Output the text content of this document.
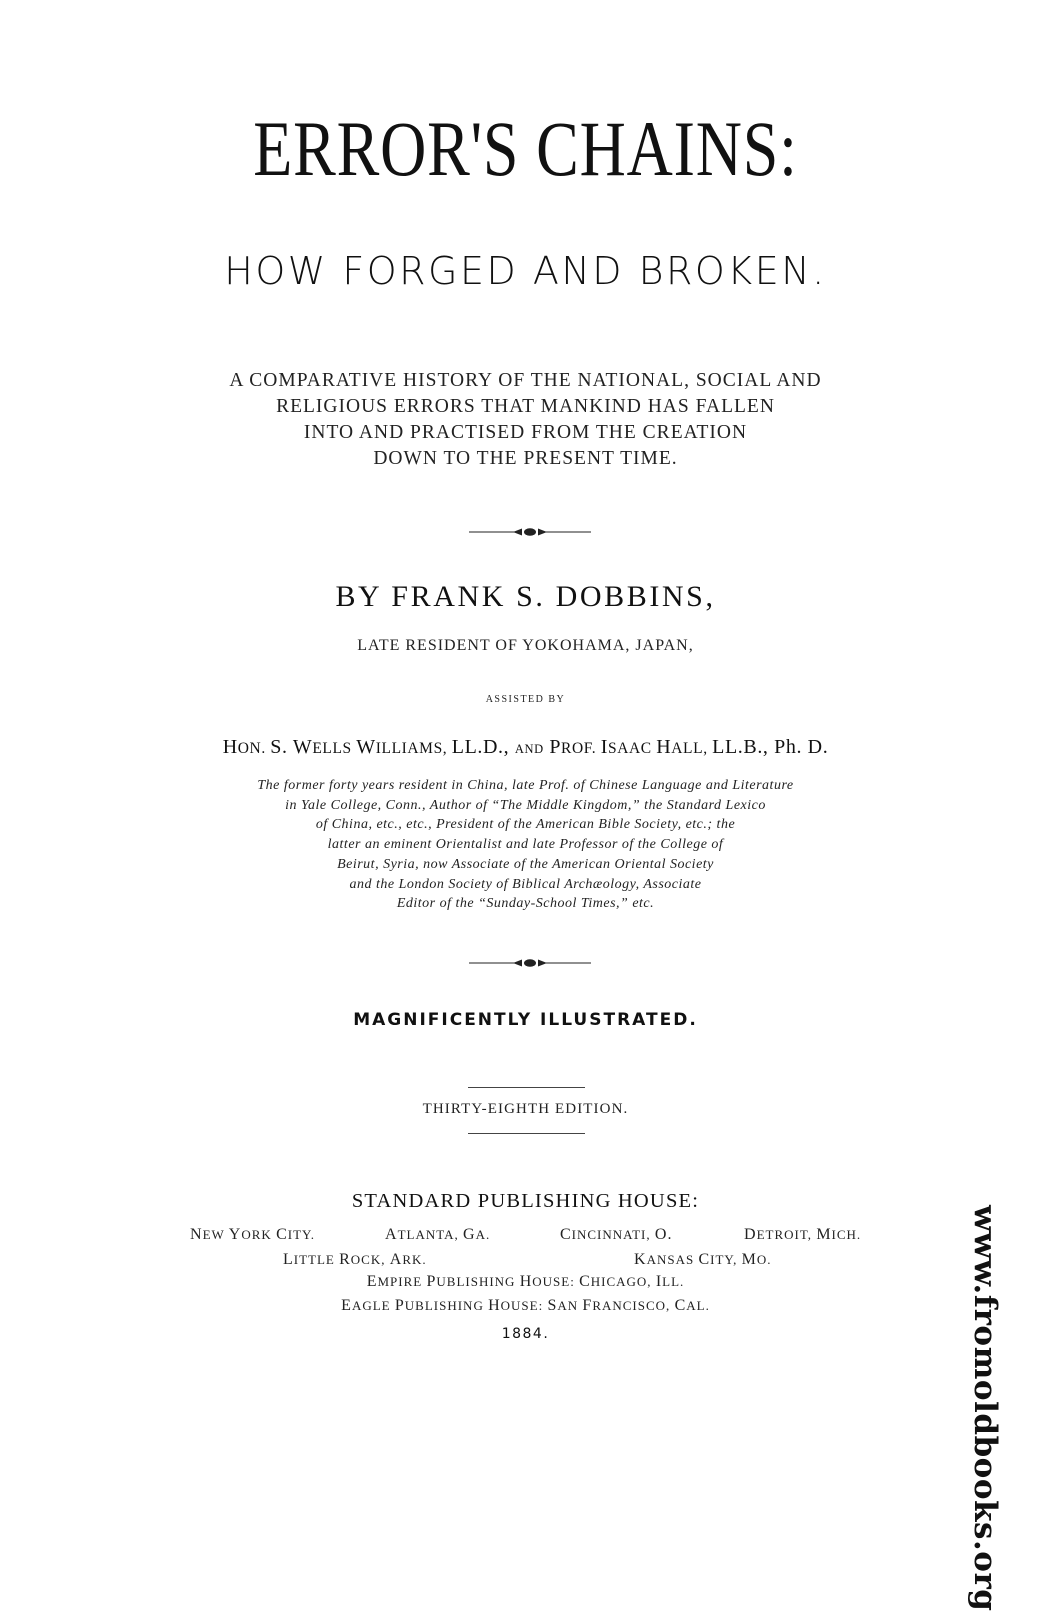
ERROR'S CHAINS:
HOW FORGED AND BROKEN.
A COMPARATIVE HISTORY OF THE NATIONAL, SOCIAL AND
RELIGIOUS ERRORS THAT MANKIND HAS FALLEN
INTO AND PRACTISED FROM THE CREATION
DOWN TO THE PRESENT TIME.
BY FRANK S. DOBBINS,
LATE RESIDENT OF YOKOHAMA, JAPAN,
ASSISTED BY
HON. S. WELLS WILLIAMS, LL.D., AND PROF. ISAAC HALL, LL.B., Ph. D.
The former forty years resident in China, late Prof. of Chinese Language and Literature
in Yale College, Conn., Author of “The Middle Kingdom,” the Standard Lexico
of China, etc., etc., President of the American Bible Society, etc.; the
latter an eminent Orientalist and late Professor of the College of
Beirut, Syria, now Associate of the American Oriental Society
and the London Society of Biblical Archæology, Associate
Editor of the “Sunday-School Times,” etc.
MAGNIFICENTLY ILLUSTRATED.
THIRTY-EIGHTH EDITION.
STANDARD PUBLISHING HOUSE:
NEW YORK CITY.	ATLANTA, GA.	CINCINNATI, O.	DETROIT, MICH.
LITTLE ROCK, ARK.	KANSAS CITY, MO.
EMPIRE PUBLISHING HOUSE: CHICAGO, ILL.
EAGLE PUBLISHING HOUSE: SAN FRANCISCO, CAL.
1884.	www.fromoldbooks.org
